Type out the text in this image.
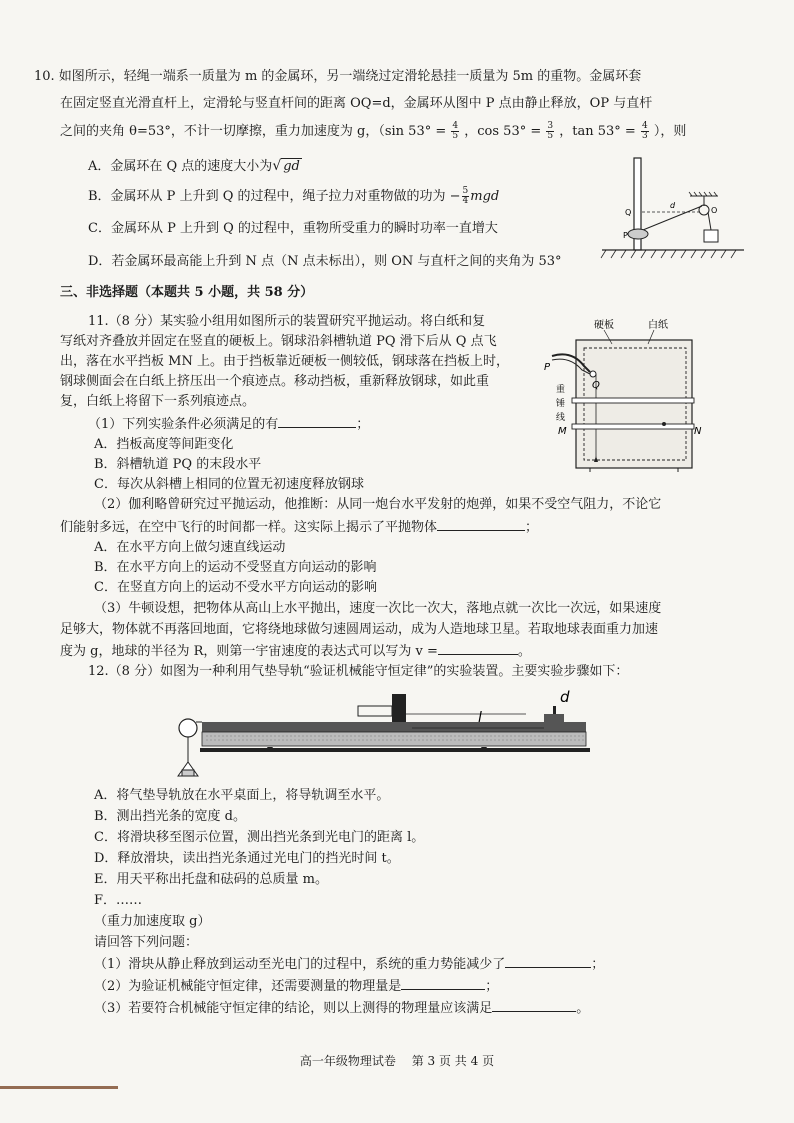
10. 如图所示，轻绳一端系一质量为 m 的金属环，另一端绕过定滑轮悬挂一质量为 5m 的重物。金属环套
在固定竖直光滑直杆上，定滑轮与竖直杆间的距离 OQ=d，金属环从图中 P 点由静止释放，OP 与直杆
之间的夹角 θ=53°，不计一切摩擦，重力加速度为 g，（sin $53^\circ = \frac{4}{5}$ ，$\cos 53^\circ = \frac{3}{5}$ ，$\tan 53^\circ = \frac{4}{3}$ ），则
A．金属环在 Q 点的速度大小为√ gd
B．金属环从 P 上升到 Q 的过程中，绳子拉力对重物做的功为 − $\frac{5}{4}$ mgd
C．金属环从 P 上升到 Q 的过程中，重物所受重力的瞬时功率一直增大
D．若金属环最高能上升到 N 点（N 点未标出），则 ON 与直杆之间的夹角为 53°
Q
P
O
d
三、非选择题（本题共 5 小题，共 58 分）
11.（8 分）某实验小组用如图所示的装置研究平抛运动。将白纸和复
写纸对齐叠放并固定在竖直的硬板上。钢球沿斜槽轨道 PQ 滑下后从 Q 点飞
出，落在水平挡板 MN 上。由于挡板靠近硬板一侧较低，钢球落在挡板上时，
钢球侧面会在白纸上挤压出一个痕迹点。移动挡板，重新释放钢球，如此重
复，白纸上将留下一系列痕迹点。
（1）下列实验条件必须满足的有	；
A．挡板高度等间距变化
B．斜槽轨道 PQ 的末段水平
C．每次从斜槽上相同的位置无初速度释放钢球
（2）伽利略曾研究过平抛运动，他推断：从同一炮台水平发射的炮弹，如果不受空气阻力，不论它
们能射多远，在空中飞行的时间都一样。这实际上揭示了平抛物体	；
A．在水平方向上做匀速直线运动
B．在水平方向上的运动不受竖直方向运动的影响
C．在竖直方向上的运动不受水平方向运动的影响
（3）牛顿设想，把物体从高山上水平抛出，速度一次比一次大，落地点就一次比一次远，如果速度
足够大，物体就不再落回地面，它将绕地球做匀速圆周运动，成为人造地球卫星。若取地球表面重力加速
度为 g，地球的半径为 R，则第一宇宙速度的表达式可以写为 v =	。
硬板	白纸
P
Q
重
锤
线
M	N
12.（8 分）如图为一种利用气垫导轨“验证机械能守恒定律”的实验装置。主要实验步骤如下：
l
d
A．将气垫导轨放在水平桌面上，将导轨调至水平。
B．测出挡光条的宽度 d。
C．将滑块移至图示位置，测出挡光条到光电门的距离 l。
D．释放滑块，读出挡光条通过光电门的挡光时间 t。
E．用天平称出托盘和砝码的总质量 m。
F．……
（重力加速度取 g）
请回答下列问题：
（1）滑块从静止释放到运动至光电门的过程中，系统的重力势能减少了	；
（2）为验证机械能守恒定律，还需要测量的物理量是	；
（3）若要符合机械能守恒定律的结论，则以上测得的物理量应该满足	。
高一年级物理试卷　 第 3 页 共 4 页
